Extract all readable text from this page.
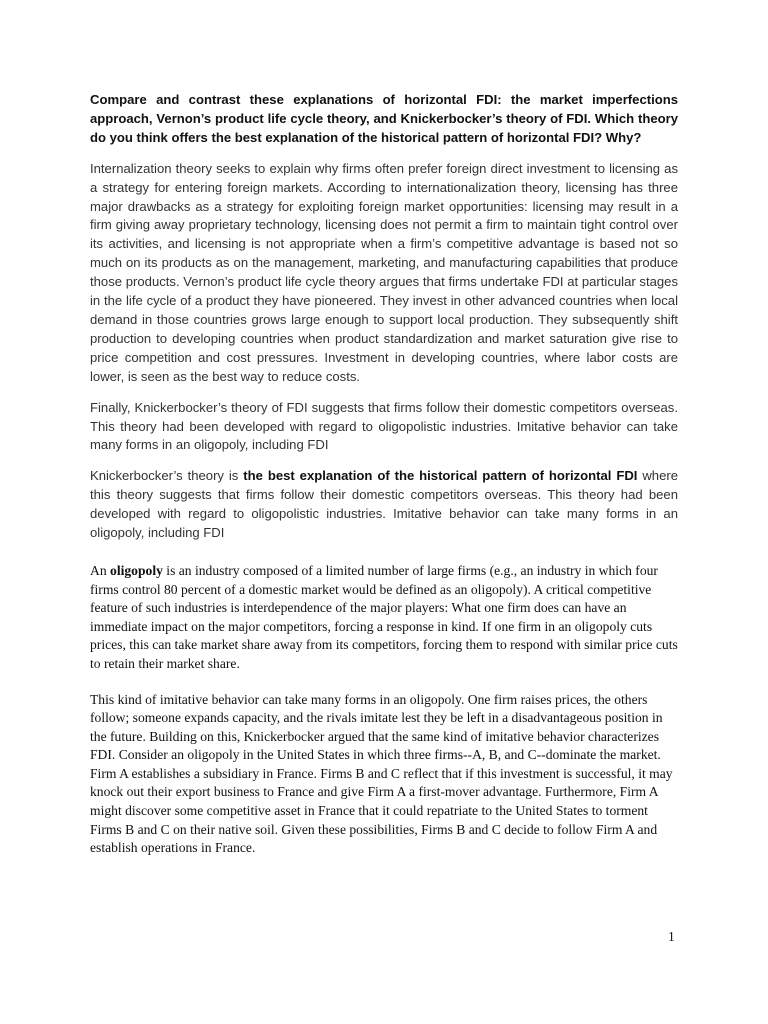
Compare and contrast these explanations of horizontal FDI: the market imperfections approach, Vernon’s product life cycle theory, and Knickerbocker’s theory of FDI. Which theory do you think offers the best explanation of the historical pattern of horizontal FDI? Why?

Internalization theory seeks to explain why firms often prefer foreign direct investment to licensing as a strategy for entering foreign markets. According to internationalization theory, licensing has three major drawbacks as a strategy for exploiting foreign market opportunities: licensing may result in a firm giving away proprietary technology, licensing does not permit a firm to maintain tight control over its activities, and licensing is not appropriate when a firm’s competitive advantage is based not so much on its products as on the management, marketing, and manufacturing capabilities that produce those products. Vernon’s product life cycle theory argues that firms undertake FDI at particular stages in the life cycle of a product they have pioneered. They invest in other advanced countries when local demand in those countries grows large enough to support local production. They subsequently shift production to developing countries when product standardization and market saturation give rise to price competition and cost pressures. Investment in developing countries, where labor costs are lower, is seen as the best way to reduce costs.

Finally, Knickerbocker’s theory of FDI suggests that firms follow their domestic competitors overseas. This theory had been developed with regard to oligopolistic industries. Imitative behavior can take many forms in an oligopoly, including FDI

Knickerbocker’s theory is the best explanation of the historical pattern of horizontal FDI where this theory suggests that firms follow their domestic competitors overseas. This theory had been developed with regard to oligopolistic industries. Imitative behavior can take many forms in an oligopoly, including FDI

An oligopoly is an industry composed of a limited number of large firms (e.g., an industry in which four firms control 80 percent of a domestic market would be defined as an oligopoly). A critical competitive feature of such industries is interdependence of the major players: What one firm does can have an immediate impact on the major competitors, forcing a response in kind. If one firm in an oligopoly cuts prices, this can take market share away from its competitors, forcing them to respond with similar price cuts to retain their market share.

This kind of imitative behavior can take many forms in an oligopoly. One firm raises prices, the others follow; someone expands capacity, and the rivals imitate lest they be left in a disadvantageous position in the future. Building on this, Knickerbocker argued that the same kind of imitative behavior characterizes FDI. Consider an oligopoly in the United States in which three firms--A, B, and C--dominate the market. Firm A establishes a subsidiary in France. Firms B and C reflect that if this investment is successful, it may knock out their export business to France and give Firm A a first-mover advantage. Furthermore, Firm A might discover some competitive asset in France that it could repatriate to the United States to torment Firms B and C on their native soil. Given these possibilities, Firms B and C decide to follow Firm A and establish operations in France.

1
